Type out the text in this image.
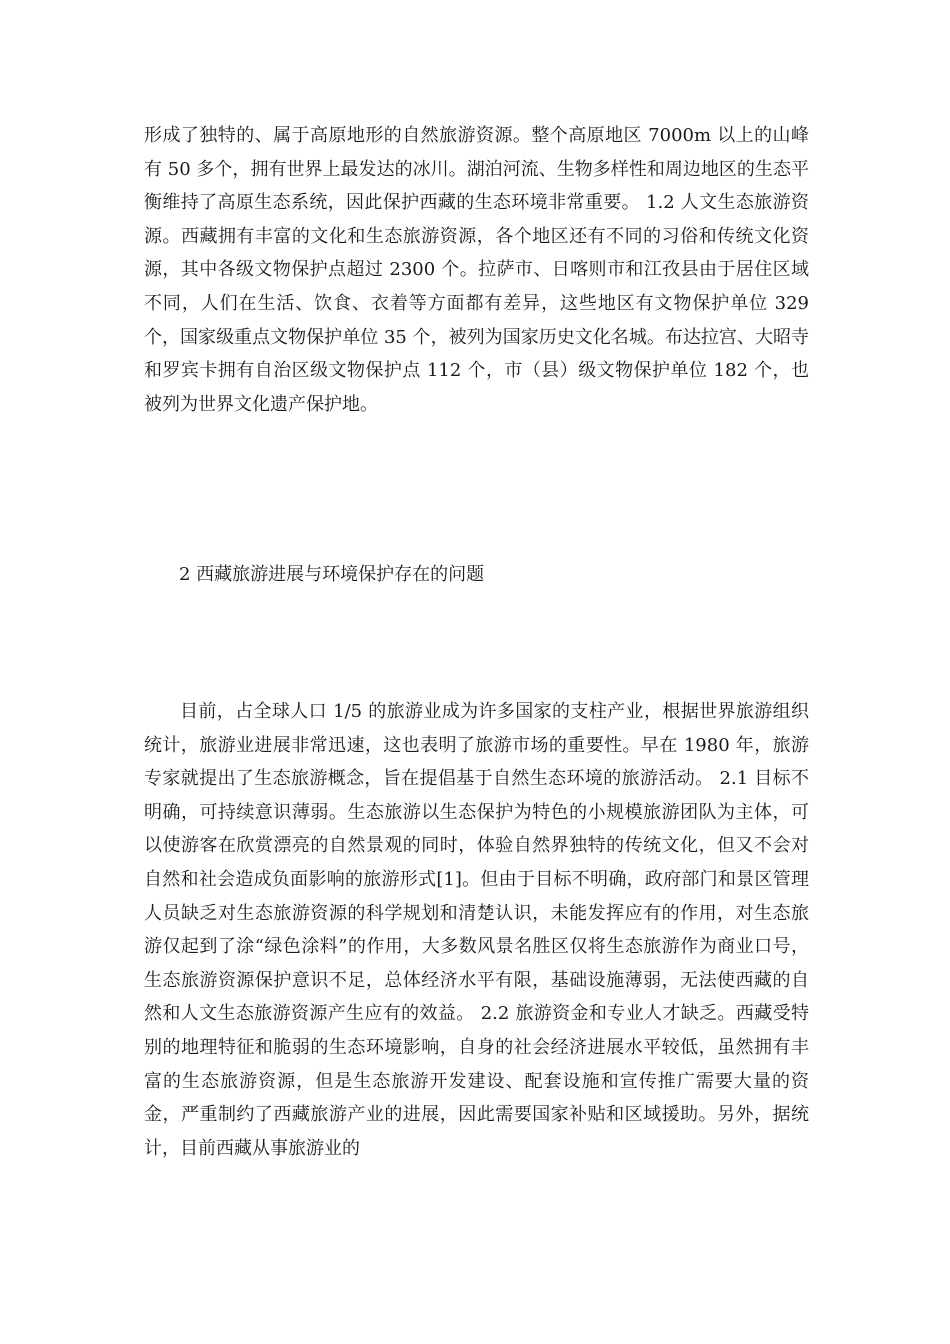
形成了独特的、属于高原地形的自然旅游资源。整个高原地区 7000m 以上的山峰有 50 多个，拥有世界上最发达的冰川。湖泊河流、生物多样性和周边地区的生态平衡维持了高原生态系统，因此保护西藏的生态环境非常重要。 1.2 人文生态旅游资源。西藏拥有丰富的文化和生态旅游资源，各个地区还有不同的习俗和传统文化资源，其中各级文物保护点超过 2300 个。拉萨市、日喀则市和江孜县由于居住区域不同，人们在生活、饮食、衣着等方面都有差异，这些地区有文物保护单位 329 个，国家级重点文物保护单位 35 个，被列为国家历史文化名城。布达拉宫、大昭寺和罗宾卡拥有自治区级文物保护点 112 个，市（县）级文物保护单位 182 个，也被列为世界文化遗产保护地。

2 西藏旅游进展与环境保护存在的问题

目前，占全球人口 1/5 的旅游业成为许多国家的支柱产业，根据世界旅游组织统计，旅游业进展非常迅速，这也表明了旅游市场的重要性。早在 1980 年，旅游专家就提出了生态旅游概念，旨在提倡基于自然生态环境的旅游活动。 2.1 目标不明确，可持续意识薄弱。生态旅游以生态保护为特色的小规模旅游团队为主体，可以使游客在欣赏漂亮的自然景观的同时，体验自然界独特的传统文化，但又不会对自然和社会造成负面影响的旅游形式[1]。但由于目标不明确，政府部门和景区管理人员缺乏对生态旅游资源的科学规划和清楚认识，未能发挥应有的作用，对生态旅游仅起到了涂“绿色涂料”的作用，大多数风景名胜区仅将生态旅游作为商业口号，生态旅游资源保护意识不足，总体经济水平有限，基础设施薄弱，无法使西藏的自然和人文生态旅游资源产生应有的效益。 2.2 旅游资金和专业人才缺乏。西藏受特别的地理特征和脆弱的生态环境影响，自身的社会经济进展水平较低，虽然拥有丰富的生态旅游资源，但是生态旅游开发建设、配套设施和宣传推广需要大量的资金，严重制约了西藏旅游产业的进展，因此需要国家补贴和区域援助。另外，据统计，目前西藏从事旅游业的
